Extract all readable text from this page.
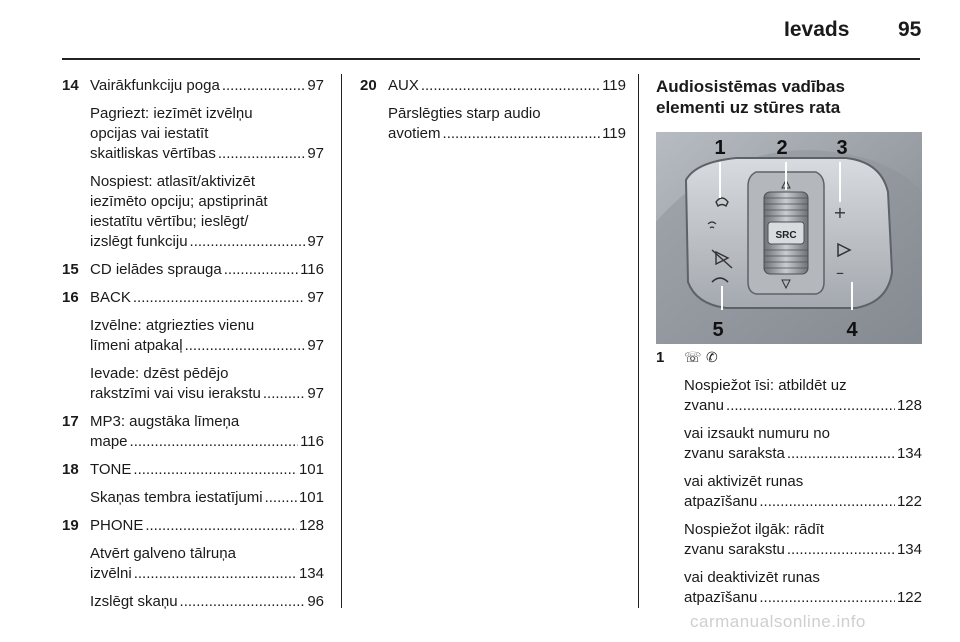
Ievads 95
14 Vairākfunkciju poga .....	97
Pagriezt: iezīmēt izvēlņu
opcijas vai iestatīt
skaitliskas vērtības .....	97
Nospiest: atlasīt/aktivizēt
iezīmēto opciju; apstiprināt
iestatītu vērtību; ieslēgt/
izslēgt funkciju .....	97
15 CD ielādes sprauga .....	116
16 BACK .....	97
Izvēlne: atgriezties vienu
līmeni atpakaļ .....	97
Ievade: dzēst pēdējo
rakstzīmi vai visu ierakstu .....	97
17 MP3: augstāka līmeņa
mape .....	116
18 TONE .....	101
Skaņas tembra iestatījumi ..... 101
19 PHONE .....	128
Atvērt galveno tālruņa
izvēlni .....	134
Izslēgt skaņu .....	96
20 AUX .....	119
Pārslēgties starp audio
avotiem .....	119
Audiosistēmas vadības
elementi uz stūres rata
SRC
+
–
1	2 3
4
5
1	☏ ✆
Nospiežot īsi: atbildēt uz
zvanu .....	128
vai izsaukt numuru no
zvanu saraksta .....	134
vai aktivizēt runas
atpazīšanu .....	122
Nospiežot ilgāk: rādīt
zvanu sarakstu .....	134
vai deaktivizēt runas
atpazīšanu .....	122
carmanualsonline.info
